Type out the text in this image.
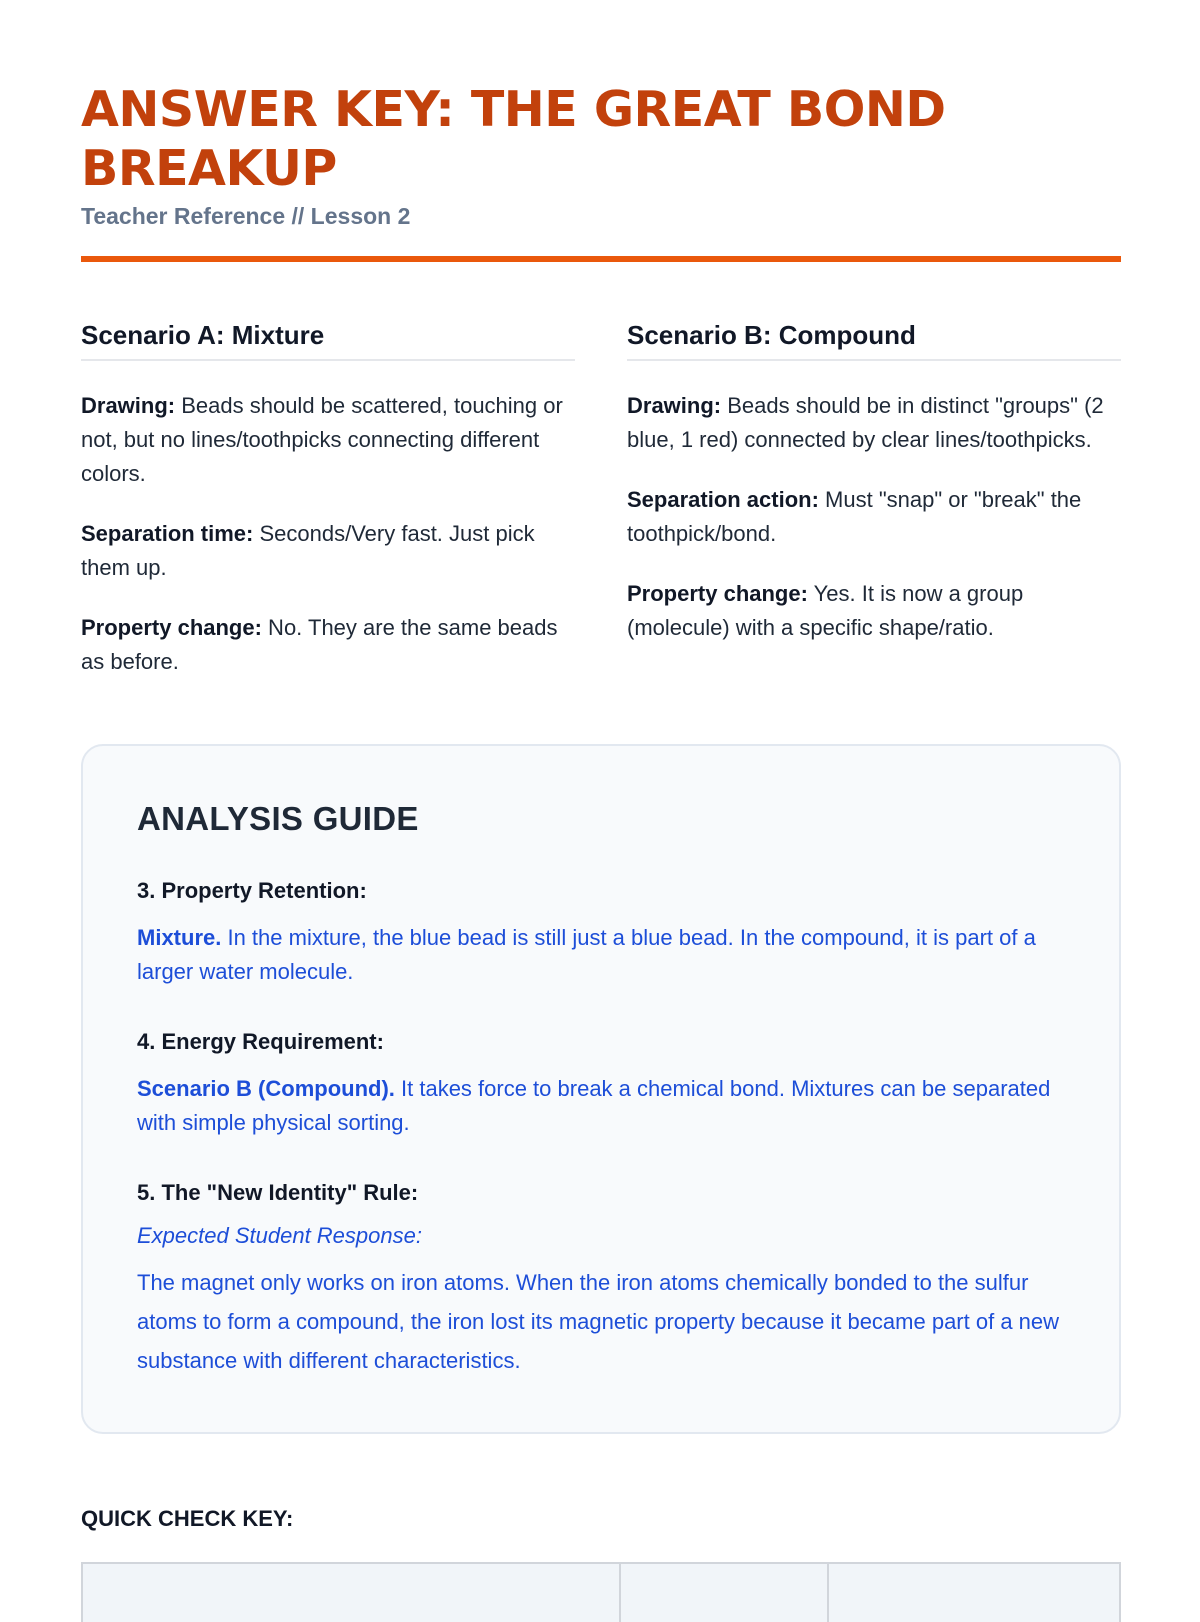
ANSWER KEY: THE GREAT BOND BREAKUP
Teacher Reference // Lesson 2
Scenario A: Mixture

Drawing: Beads should be scattered, touching or not, but no lines/toothpicks connecting different colors.

Separation time: Seconds/Very fast. Just pick them up.

Property change: No. They are the same beads as before.

Scenario B: Compound

Drawing: Beads should be in distinct "groups" (2 blue, 1 red) connected by clear lines/toothpicks.

Separation action: Must "snap" or "break" the toothpick/bond.

Property change: Yes. It is now a group (molecule) with a specific shape/ratio.

ANALYSIS GUIDE
3. Property Retention:
Mixture. In the mixture, the blue bead is still just a blue bead. In the compound, it is part of a larger water molecule.
4. Energy Requirement:
Scenario B (Compound). It takes force to break a chemical bond. Mixtures can be separated with simple physical sorting.
5. The "New Identity" Rule:
Expected Student Response:
The magnet only works on iron atoms. When the iron atoms chemically bonded to the sulfur atoms to form a compound, the iron lost its magnetic property because it became part of a new substance with different characteristics.
QUICK CHECK KEY:
